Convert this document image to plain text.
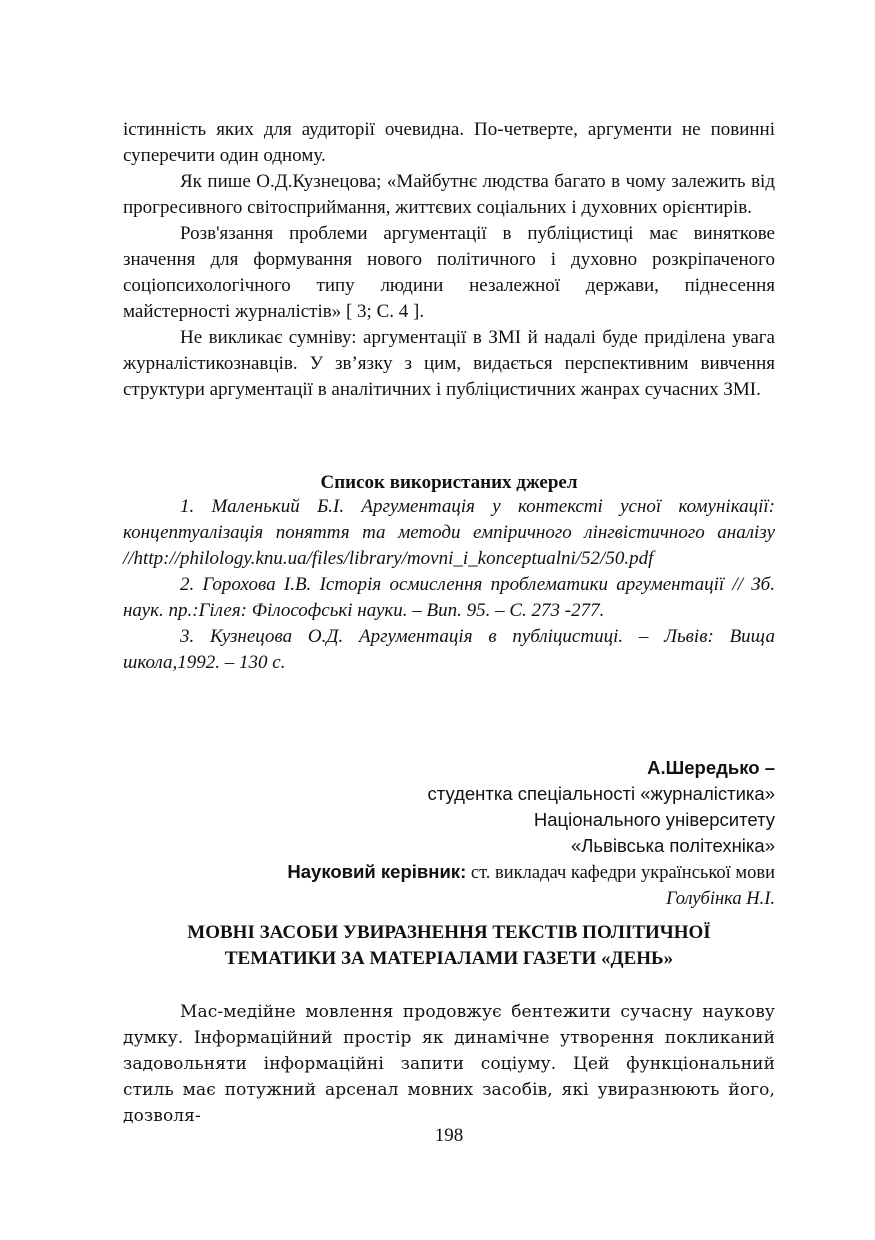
істинність яких для аудиторії очевидна. По-четверте, аргументи не повинні суперечити один одному.

Як пише О.Д.Кузнецова; «Майбутнє людства багато в чому залежить від прогресивного світосприймання, життєвих соціальних і духовних орієнтирів.

Розв'язання проблеми аргументації в публіцистиці має виняткове значення для формування нового політичного і духовно розкріпаченого соціопсихологічного типу людини незалежної держави, піднесення майстерності журналістів» [ 3; С. 4 ].

Не викликає сумніву: аргументації в ЗМІ й надалі буде приділена увага журналістикознавців. У зв’язку з цим, видається перспективним вивчення структури аргументації в аналітичних і публіцистичних жанрах сучасних ЗМІ.

Список використаних джерел

1. Маленький Б.І. Аргументація у контексті усної комунікації: концептуалізація поняття та методи емпіричного лінгвістичного аналізу //http://philology.knu.ua/files/library/movni_i_konceptualni/52/50.pdf

2. Горохова І.В. Історія осмислення проблематики аргументації // Зб. наук. пр.:Гілея: Філософські науки. – Вип. 95. – С. 273 -277.

3. Кузнецова О.Д. Аргументація в публіцистиці. – Львів: Вища школа,1992. – 130 с.

А.Шередько –
студентка спеціальності «журналістика»
Національного університету
«Львівська політехніка»
Науковий керівник: ст. викладач кафедри української мови
Голубінка Н.І.
МОВНІ ЗАСОБИ УВИРАЗНЕННЯ ТЕКСТІВ ПОЛІТИЧНОЇ
ТЕМАТИКИ ЗА МАТЕРІАЛАМИ ГАЗЕТИ «ДЕНЬ»

Мас-медійне мовлення продовжує бентежити сучасну наукову думку. Інформаційний простір як динамічне утворення покликаний задовольняти інформаційні запити соціуму. Цей функціональний стиль має потужний арсенал мовних засобів, які увиразнюють його, дозволя-

198
